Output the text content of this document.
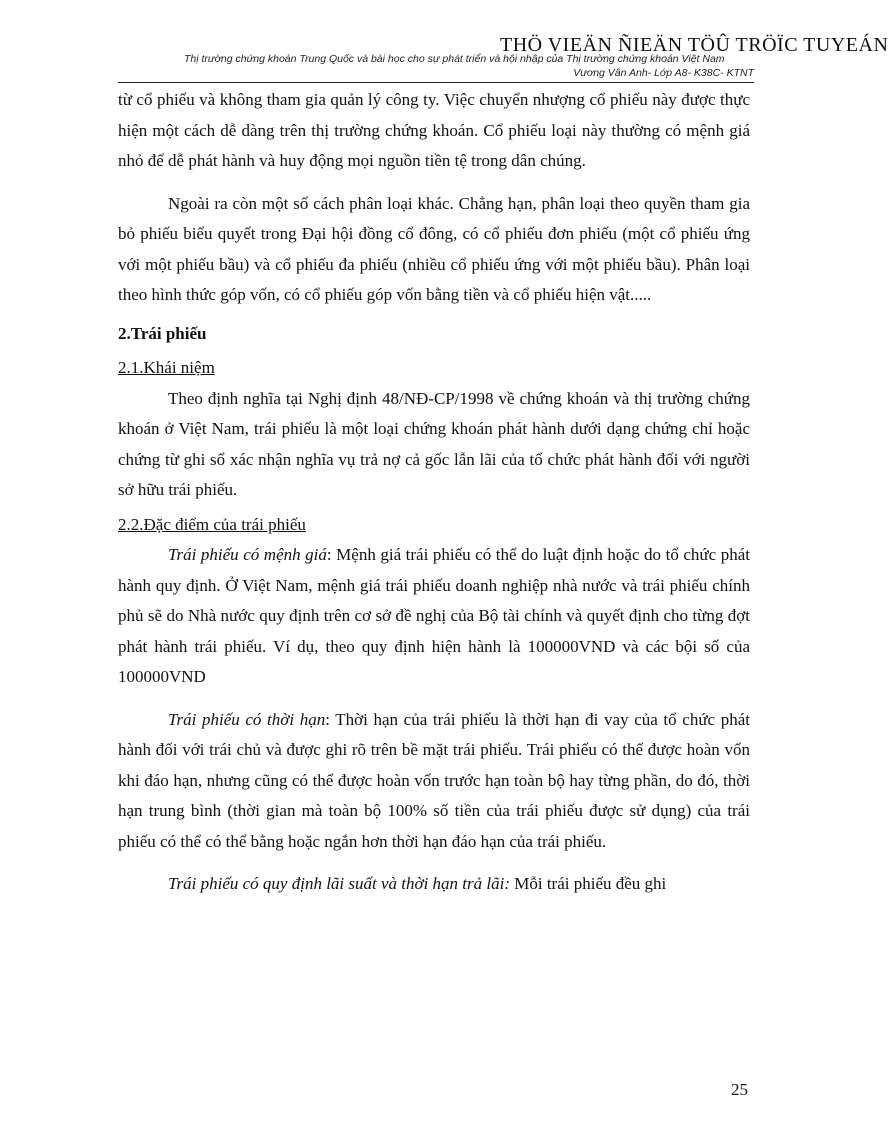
THÖ VIEÄN ÑIEÄN TÖÛ TRÖÏC TUYEÁN
Thị trường chứng khoán Trung Quốc và bài học cho sự phát triển và hội nhập của Thị trường chứng khoán Việt Nam
Vương Vân Anh- Lớp A8- K38C- KTNT

từ cổ phiếu và không tham gia quản lý công ty. Việc chuyển nhượng cổ phiếu này được thực hiện một cách dễ dàng trên thị trường chứng khoán. Cổ phiếu loại này thường có mệnh giá nhỏ để dễ phát hành và huy động mọi nguồn tiền tệ trong dân chúng.

Ngoài ra còn một số cách phân loại khác. Chẳng hạn, phân loại theo quyền tham gia bỏ phiếu biểu quyết trong Đại hội đồng cổ đông, có cổ phiếu đơn phiếu (một cổ phiếu ứng với một phiếu bầu) và cổ phiếu đa phiếu (nhiều cổ phiếu ứng với một phiếu bầu). Phân loại theo hình thức góp vốn, có cổ phiếu góp vốn bằng tiền và cổ phiếu hiện vật.....

2.Trái phiếu

2.1.Khái niệm

Theo định nghĩa tại Nghị định 48/NĐ-CP/1998 về chứng khoán và thị trường chứng khoán ở Việt Nam, trái phiếu là một loại chứng khoán phát hành dưới dạng chứng chỉ hoặc chứng từ ghi sổ xác nhận nghĩa vụ trả nợ cả gốc lẫn lãi của tổ chức phát hành đối với người sở hữu trái phiếu.

2.2.Đặc điểm của trái phiếu

Trái phiếu có mệnh giá: Mệnh giá trái phiếu có thể do luật định hoặc do tổ chức phát hành quy định. Ở Việt Nam, mệnh giá trái phiếu doanh nghiệp nhà nước và trái phiếu chính phủ sẽ do Nhà nước quy định trên cơ sở đề nghị của Bộ tài chính và quyết định cho từng đợt phát hành trái phiếu. Ví dụ, theo quy định hiện hành là 100000VND và các bội số của 100000VND

Trái phiếu có thời hạn: Thời hạn của trái phiếu là thời hạn đi vay của tổ chức phát hành đối với trái chủ và được ghi rõ trên bề mặt trái phiếu. Trái phiếu có thể được hoàn vốn khi đáo hạn, nhưng cũng có thể được hoàn vốn trước hạn toàn bộ hay từng phần, do đó, thời hạn trung bình (thời gian mà toàn bộ 100% số tiền của trái phiếu được sử dụng) của trái phiếu có thể có thể bằng hoặc ngắn hơn thời hạn đáo hạn của trái phiếu.

Trái phiếu có quy định lãi suất và thời hạn trả lãi: Mỗi trái phiếu đều ghi

25
